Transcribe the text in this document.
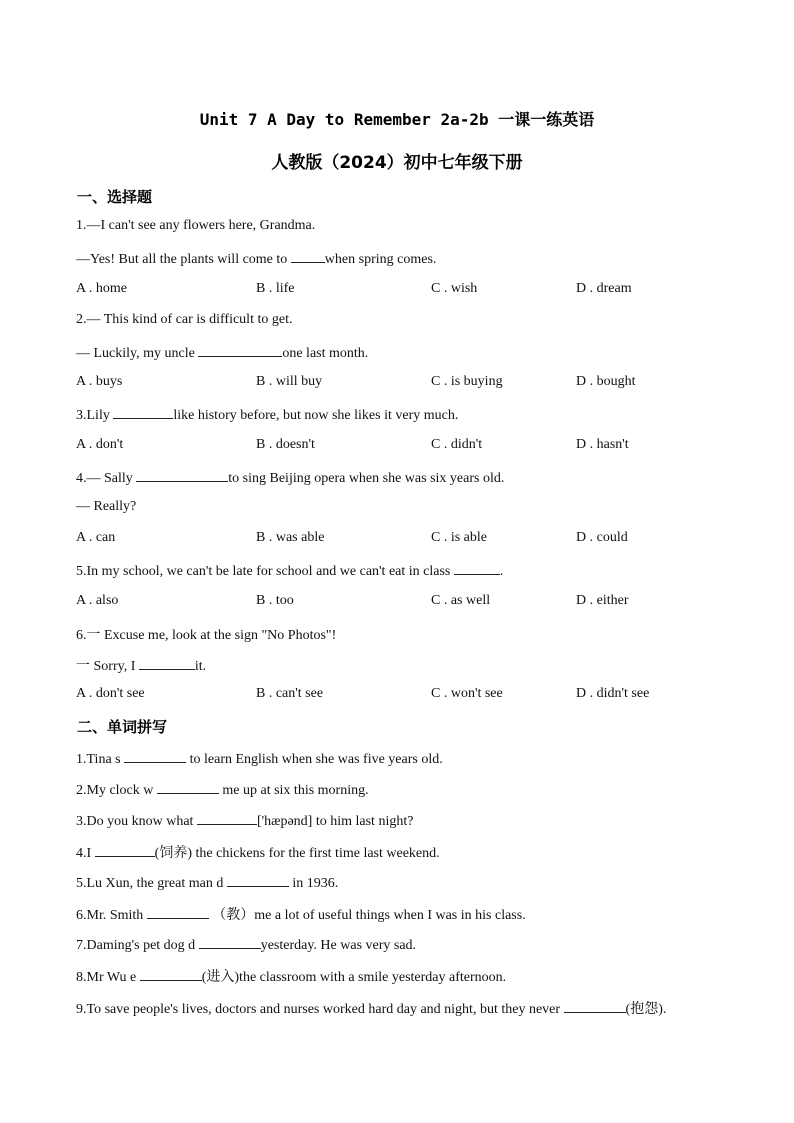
Unit 7 A Day to Remember 2a-2b 一课一练英语
人教版（2024）初中七年级下册
一、选择题
1.—I can't see any flowers here, Grandma.
—Yes! But all the plants will come to when spring comes.
A . home	B . life	C . wish	D . dream
2.— This kind of car is difficult to get.
— Luckily, my uncle	one last month.
A . buys	B . will buy	C . is buying	D . bought
3.Lily	like history before, but now she likes it very much.
A . don't	B . doesn't	C . didn't	D . hasn't
4.— Sally	to sing Beijing opera when she was six years old.
— Really?
A . can	B . was able	C . is able	D . could
5.In my school, we can't be late for school and we can't eat in class	.
A . also	B . too	C . as well	D . either
6.一 Excuse me, look at the sign "No Photos"!
一 Sorry, I	it.
A . don't see	B . can't see	C . won't see	D . didn't see
二、单词拼写
1.Tina s	to learn English when she was five years old.
2.My clock w	me up at six this morning.
3.Do you know what	['hæpənd] to him last night?
4.I	(饲养) the chickens for the first time last weekend.
5.Lu Xun, the great man d	in 1936.
6.Mr. Smith	（教）me a lot of useful things when I was in his class.
7.Daming's pet dog d	yesterday. He was very sad.
8.Mr Wu e	(进入)the classroom with a smile yesterday afternoon.
9.To save people's lives, doctors and nurses worked hard day and night, but they never	(抱怨).
